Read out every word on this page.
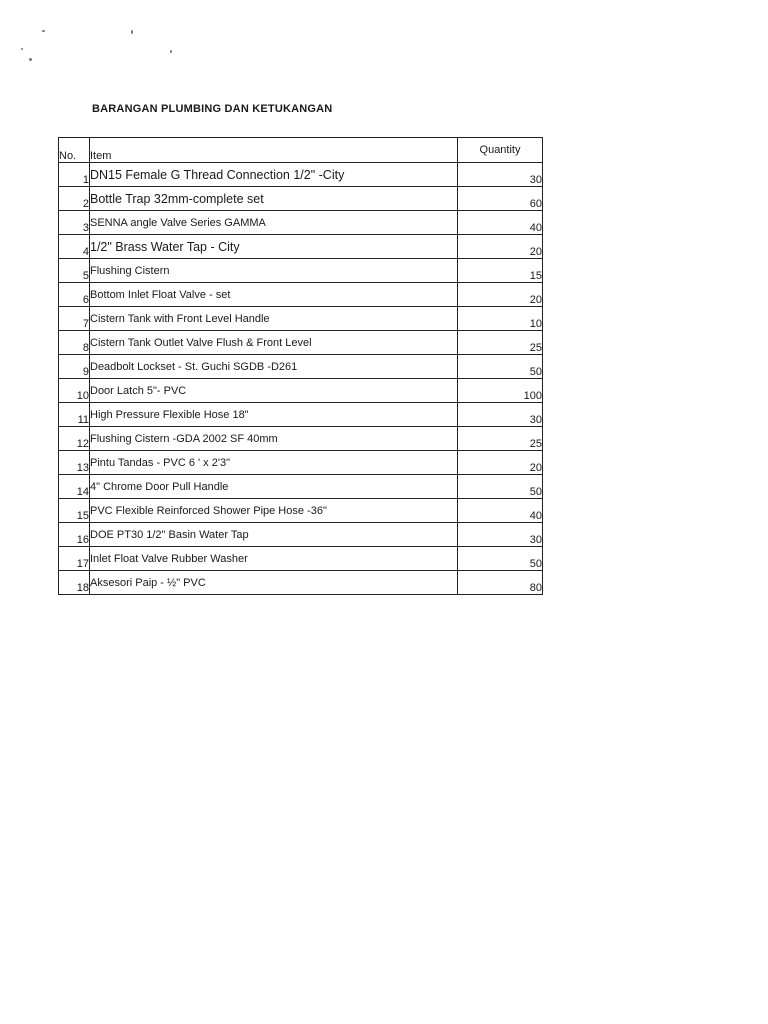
BARANGAN PLUMBING DAN KETUKANGAN
No.	Item	Quantity
1	DN15 Female G Thread Connection 1/2" -City	30
2	Bottle Trap 32mm-complete set	60
3	SENNA angle Valve Series GAMMA	40
4	1/2" Brass Water Tap - City	20
5	Flushing Cistern	15
6	Bottom Inlet Float Valve - set	20
7	Cistern Tank with Front Level Handle	10
8	Cistern Tank Outlet Valve Flush & Front Level	25
9	Deadbolt Lockset - St. Guchi SGDB -D261	50
10	Door Latch 5"- PVC	100
11	High Pressure Flexible Hose 18"	30
12	Flushing Cistern -GDA 2002 SF 40mm	25
13	Pintu Tandas - PVC 6 ' x 2'3"	20
14	4" Chrome Door Pull Handle	50
15	PVC Flexible Reinforced Shower Pipe Hose -36"	40
16	DOE PT30 1/2" Basin Water Tap	30
17	Inlet Float Valve Rubber Washer	50
18	Aksesori Paip - ½" PVC	80
